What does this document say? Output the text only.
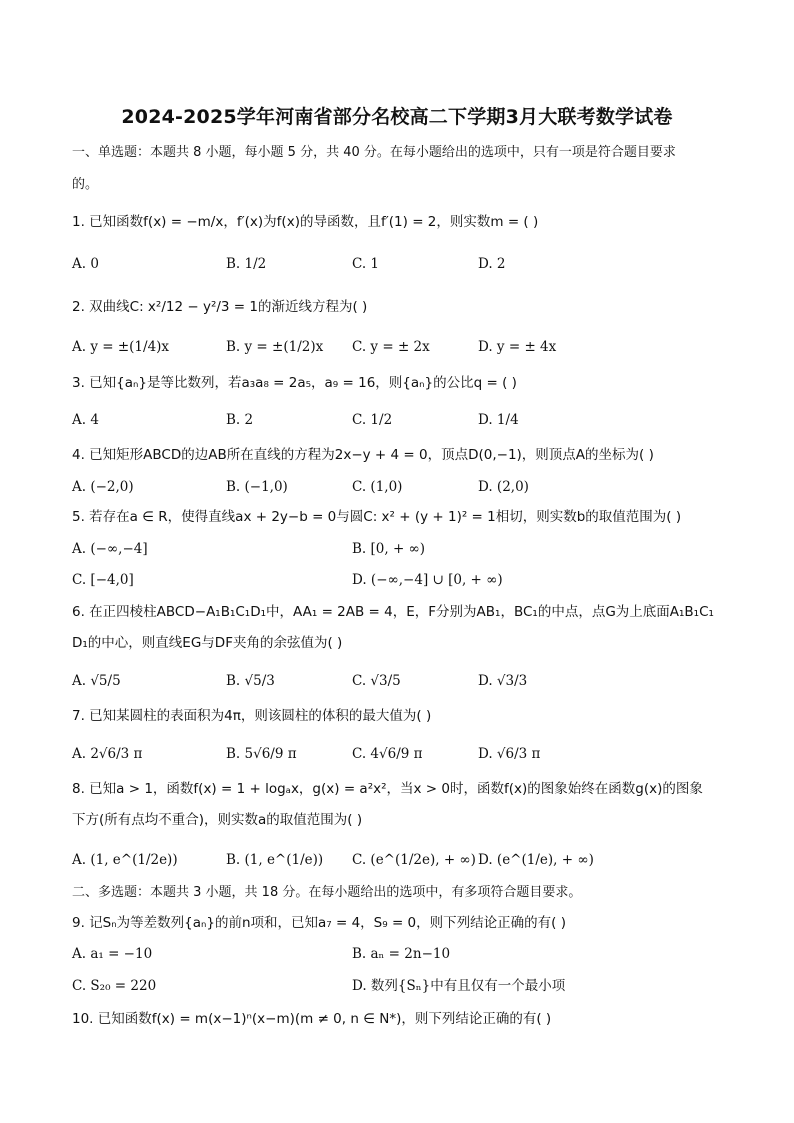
2024-2025学年河南省部分名校高二下学期3月大联考数学试卷
一、单选题：本题共 8 小题，每小题 5 分，共 40 分。在每小题给出的选项中，只有一项是符合题目要求
的。
1. 已知函数f(x) = −m/x，f′(x)为f(x)的导函数，且f′(1) = 2，则实数m = ( )
A. 0	B. 1/2	C. 1	D. 2
2. 双曲线C: x²/12 − y²/3 = 1的渐近线方程为( )
A. y = ±(1/4)x	B. y = ±(1/2)x C. y = ± 2x	D. y = ± 4x
3. 已知{aₙ}是等比数列，若a₃a₈ = 2a₅，a₉ = 16，则{aₙ}的公比q = ( )
A. 4	B. 2	C. 1/2	D. 1/4
4. 已知矩形ABCD的边AB所在直线的方程为2x−y + 4 = 0，顶点D(0,−1)，则顶点A的坐标为( )
A. (−2,0)	B. (−1,0)	C. (1,0)	D. (2,0)
5. 若存在a ∈ R，使得直线ax + 2y−b = 0与圆C: x² + (y + 1)² = 1相切，则实数b的取值范围为( )
A. (−∞,−4]	B. [0, + ∞)
C. [−4,0]	D. (−∞,−4] ∪ [0, + ∞)
6. 在正四棱柱ABCD−A₁B₁C₁D₁中，AA₁ = 2AB = 4，E，F分别为AB₁，BC₁的中点，点G为上底面A₁B₁C₁
D₁的中心，则直线EG与DF夹角的余弦值为( )
A. √5/5	B. √5/3	C. √3/5	D. √3/3
7. 已知某圆柱的表面积为4π，则该圆柱的体积的最大值为( )
A. 2√6/3 π	B. 5√6/9 π	C. 4√6/9 π	D. √6/3 π
8. 已知a > 1，函数f(x) = 1 + logₐx，g(x) = a²x²，当x > 0时，函数f(x)的图象始终在函数g(x)的图象
下方(所有点均不重合)，则实数a的取值范围为( )
A. (1, e^(1/2e))	B. (1, e^(1/e)) C. (e^(1/2e), + ∞) D. (e^(1/e), + ∞)
二、多选题：本题共 3 小题，共 18 分。在每小题给出的选项中，有多项符合题目要求。
9. 记Sₙ为等差数列{aₙ}的前n项和，已知a₇ = 4，S₉ = 0，则下列结论正确的有( )
A. a₁ = −10	B. aₙ = 2n−10
C. S₂₀ = 220	D. 数列{Sₙ}中有且仅有一个最小项
10. 已知函数f(x) = m(x−1)ⁿ(x−m)(m ≠ 0, n ∈ N*)，则下列结论正确的有( )
